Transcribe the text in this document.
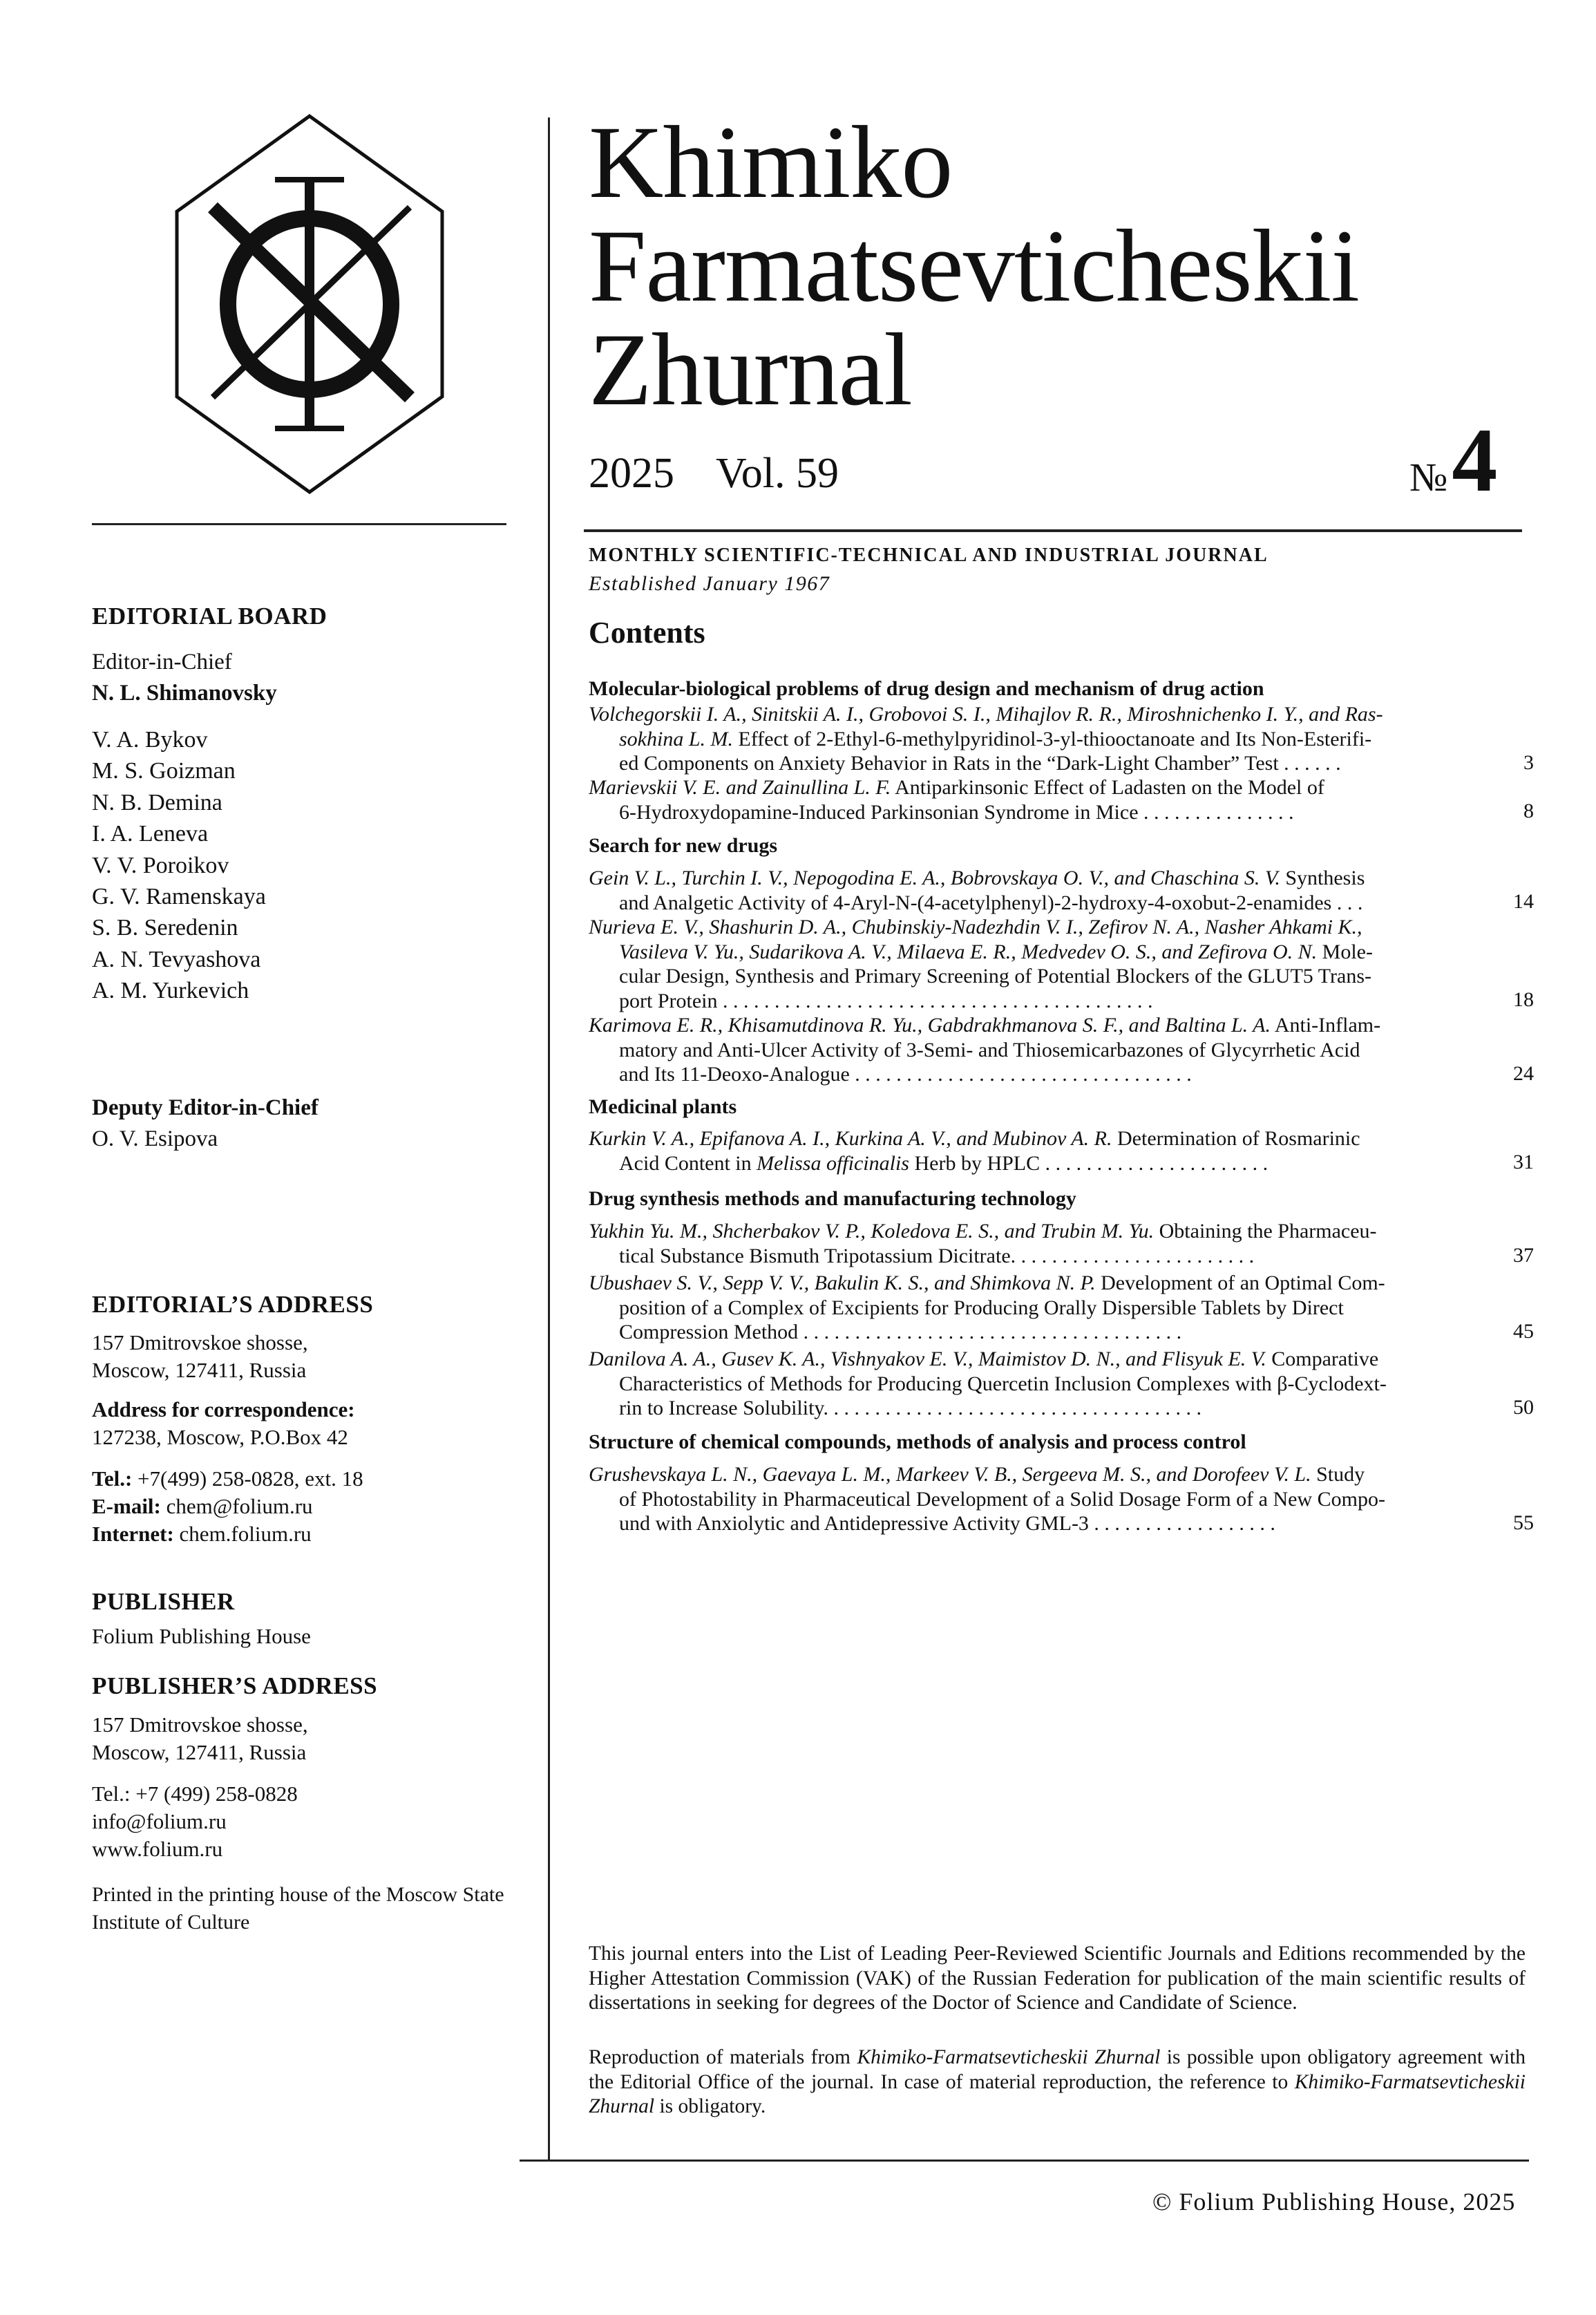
EDITORIAL BOARD
Editor-in-Chief
N. L. Shimanovsky
V. A. Bykov
M. S. Goizman
N. B. Demina
I. A. Leneva
V. V. Poroikov
G. V. Ramenskaya
S. B. Seredenin
A. N. Tevyashova
A. M. Yurkevich
Deputy Editor-in-Chief
O. V. Esipova
EDITORIAL’S ADDRESS
157 Dmitrovskoe shosse,
Moscow, 127411, Russia
Address for correspondence:
127238, Moscow, P.O.Box 42
Tel.: +7(499) 258-0828, ext. 18
E-mail: chem@folium.ru
Internet: chem.folium.ru
PUBLISHER
Folium Publishing House
PUBLISHER’S ADDRESS
157 Dmitrovskoe shosse,
Moscow, 127411, Russia
Tel.: +7 (499) 258-0828
info@folium.ru
www.folium.ru
Printed in the printing house of the Moscow State Institute of Culture
Khimiko
Farmatsevticheskii
Zhurnal
2025 Vol. 59	№4
MONTHLY SCIENTIFIC-TECHNICAL AND INDUSTRIAL JOURNAL
Established January 1967
Contents
Molecular-biological problems of drug design and mechanism of drug action
Volchegorskii I. A., Sinitskii A. I., Grobovoi S. I., Mihajlov R. R., Miroshnichenko I. Y., and Ras-
sokhina L. M. Effect of 2-Ethyl-6-methylpyridinol-3-yl-thiooctanoate and Its Non-Esterifi-
ed Components on Anxiety Behavior in Rats in the “Dark-Light Chamber” Test . . . . . .	3
Marievskii V. E. and Zainullina L. F. Antiparkinsonic Effect of Ladasten on the Model of
6-Hydroxydopamine-Induced Parkinsonian Syndrome in Mice . . . . . . . . . . . . . . .	8
Search for new drugs
Gein V. L., Turchin I. V., Nepogodina E. A., Bobrovskaya O. V., and Chaschina S. V. Synthesis
and Analgetic Activity of 4-Aryl-N-(4-acetylphenyl)-2-hydroxy-4-oxobut-2-enamides . . .	14
Nurieva E. V., Shashurin D. A., Chubinskiy-Nadezhdin V. I., Zefirov N. A., Nasher Ahkami K.,
Vasileva V. Yu., Sudarikova A. V., Milaeva E. R., Medvedev O. S., and Zefirova O. N. Mole-
cular Design, Synthesis and Primary Screening of Potential Blockers of the GLUT5 Trans-
port Protein . . . . . . . . . . . . . . . . . . . . . . . . . . . . . . . . . . . . . . . . . .	18
Karimova E. R., Khisamutdinova R. Yu., Gabdrakhmanova S. F., and Baltina L. A. Anti-Inflam-
matory and Anti-Ulcer Activity of 3-Semi- and Thiosemicarbazones of Glycyrrhetic Acid
and Its 11-Deoxo-Analogue . . . . . . . . . . . . . . . . . . . . . . . . . . . . . . . . .	24
Medicinal plants
Kurkin V. A., Epifanova A. I., Kurkina A. V., and Mubinov A. R. Determination of Rosmarinic
Acid Content in Melissa officinalis Herb by HPLC . . . . . . . . . . . . . . . . . . . . . .	31
Drug synthesis methods and manufacturing technology
Yukhin Yu. M., Shcherbakov V. P., Koledova E. S., and Trubin M. Yu. Obtaining the Pharmaceu-
tical Substance Bismuth Tripotassium Dicitrate. . . . . . . . . . . . . . . . . . . . . . . .	37
Ubushaev S. V., Sepp V. V., Bakulin K. S., and Shimkova N. P. Development of an Optimal Com-
position of a Complex of Excipients for Producing Orally Dispersible Tablets by Direct
Compression Method . . . . . . . . . . . . . . . . . . . . . . . . . . . . . . . . . . . . .	45
Danilova A. A., Gusev K. A., Vishnyakov E. V., Maimistov D. N., and Flisyuk E. V. Comparative
Characteristics of Methods for Producing Quercetin Inclusion Complexes with β-Cyclodext-
rin to Increase Solubility. . . . . . . . . . . . . . . . . . . . . . . . . . . . . . . . . . . . .	50
Structure of chemical compounds, methods of analysis and process control
Grushevskaya L. N., Gaevaya L. M., Markeev V. B., Sergeeva M. S., and Dorofeev V. L. Study
of Photostability in Pharmaceutical Development of a Solid Dosage Form of a New Compo-
und with Anxiolytic and Antidepressive Activity GML-3 . . . . . . . . . . . . . . . . . .	55
This journal enters into the List of Leading Peer-Reviewed Scientific Journals and Editions recommended by the Higher Attestation Commission (VAK) of the Russian Federation for publication of the main scientific results of dissertations in seeking for degrees of the Doctor of Science and Candidate of Science.
Reproduction of materials from Khimiko-Farmatsevticheskii Zhurnal is possible upon obligatory agreement with the Editorial Office of the journal. In case of material reproduction, the reference to Khimiko-Farmatsevticheskii Zhurnal is obligatory.
© Folium Publishing House, 2025
